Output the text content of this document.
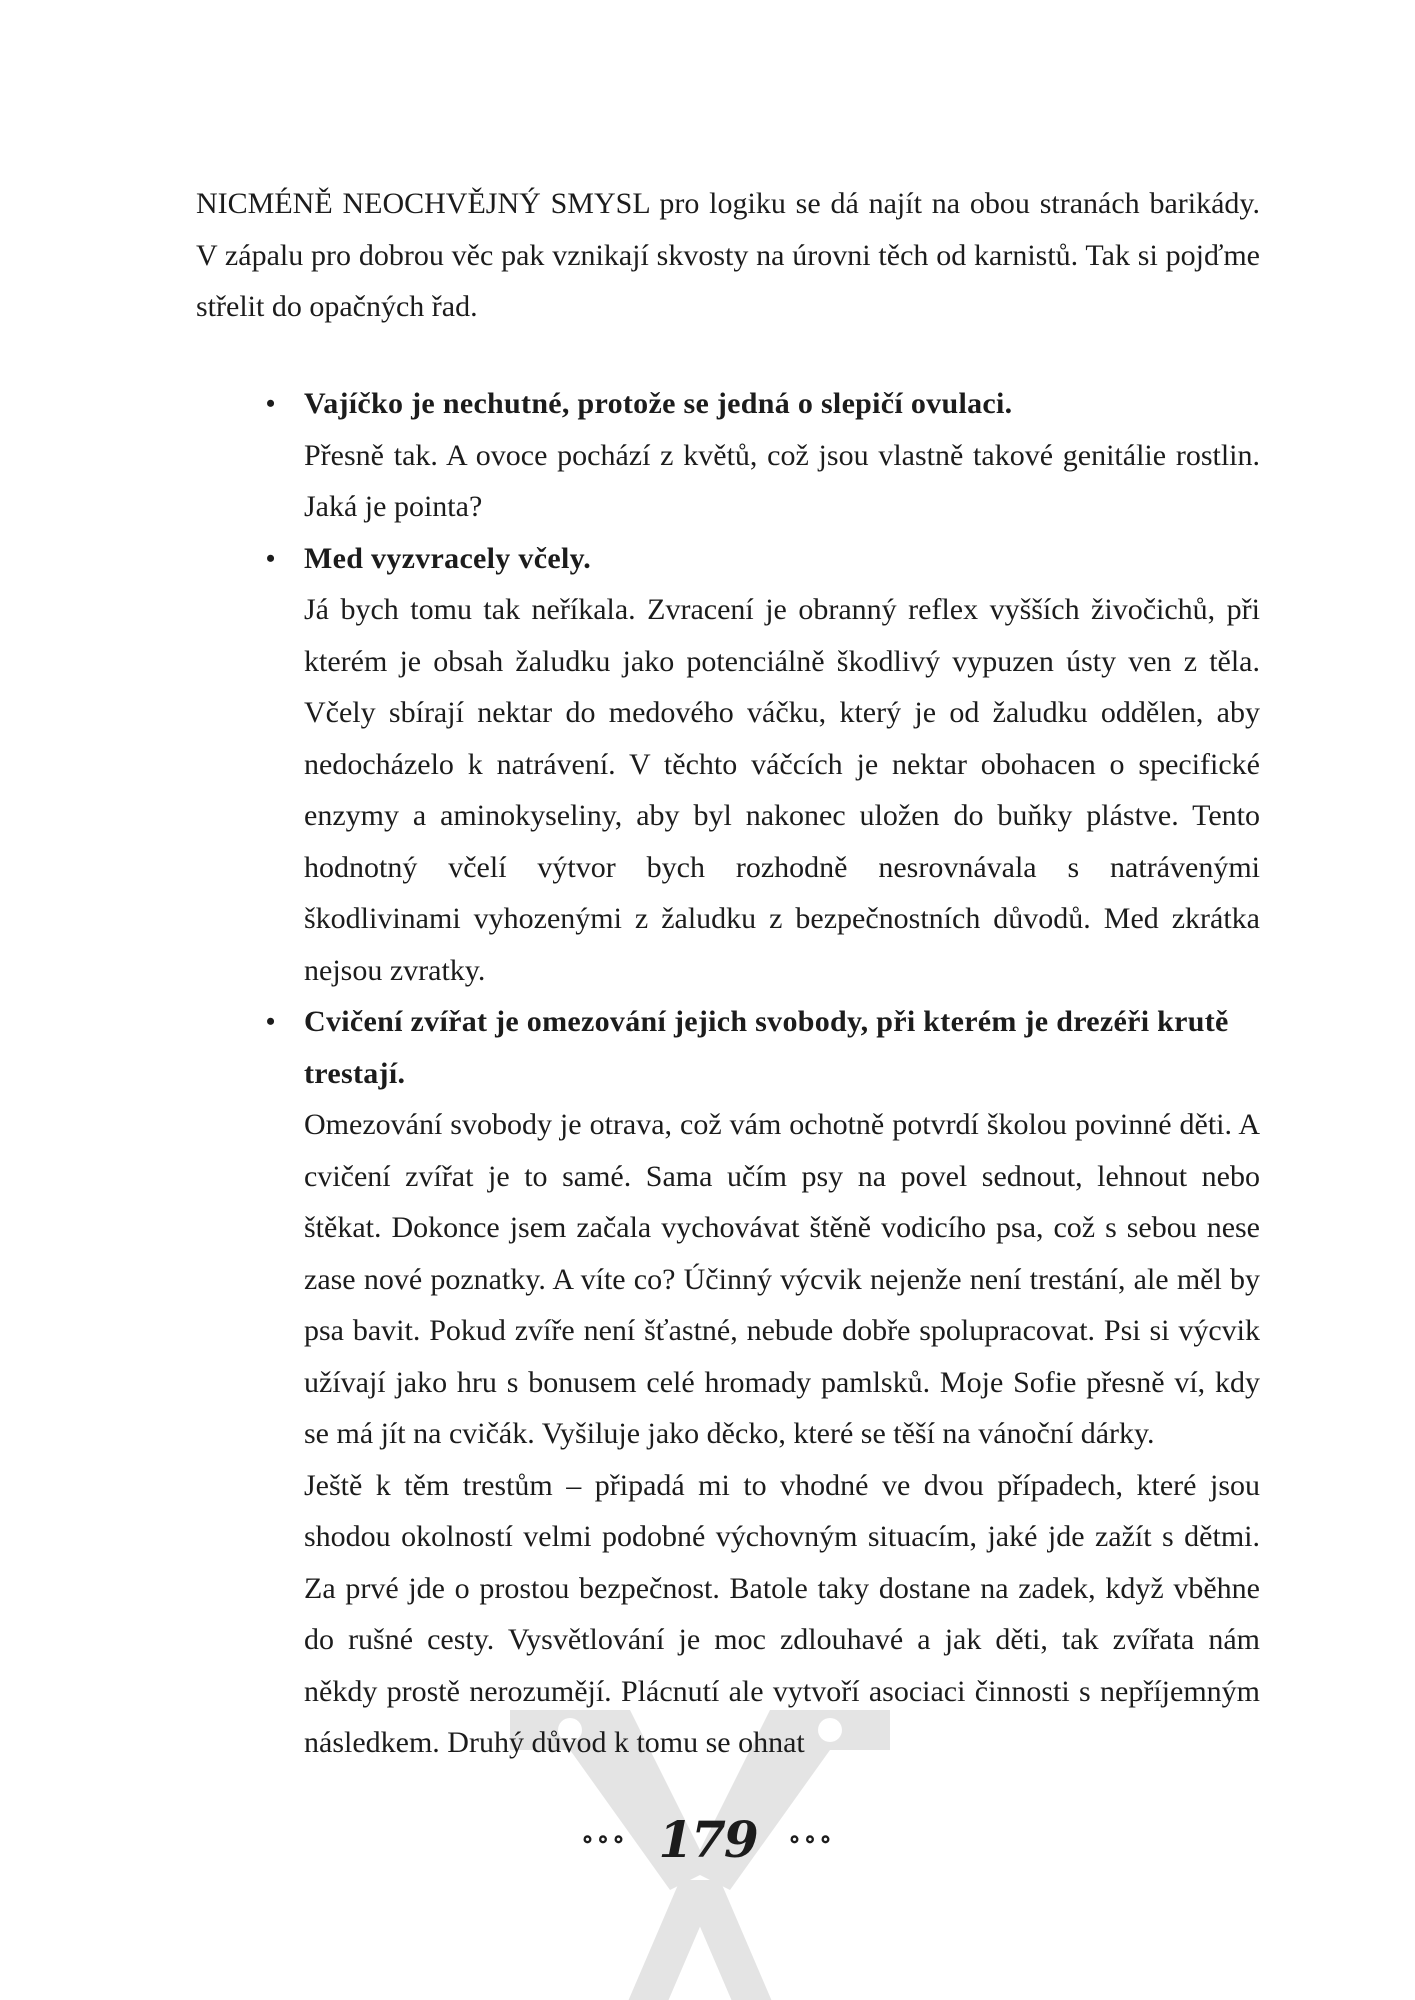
NICMÉNĚ NEOCHVĚJNÝ SMYSL pro logiku se dá najít na obou stranách barikády. V zápalu pro dobrou věc pak vznikají skvosty na úrovni těch od karnistů. Tak si pojďme střelit do opačných řad.

• Vajíčko je nechutné, protože se jedná o slepičí ovulaci.
Přesně tak. A ovoce pochází z květů, což jsou vlastně takové genitálie rostlin. Jaká je pointa?
• Med vyzvracely včely.
Já bych tomu tak neříkala. Zvracení je obranný reflex vyšších živočichů, při kterém je obsah žaludku jako potenciálně škodlivý vypuzen ústy ven z těla. Včely sbírají nektar do medového váčku, který je od žaludku oddělen, aby nedocházelo k natrávení. V těchto váčcích je nektar obohacen o specifické enzymy a aminokyseliny, aby byl nakonec uložen do buňky plástve. Tento hodnotný včelí výtvor bych rozhodně nesrovnávala s natrávenými škodlivinami vyhozenými z žaludku z bezpečnostních důvodů. Med zkrátka nejsou zvratky.
• Cvičení zvířat je omezování jejich svobody, při kterém je drezéři krutě trestají.
Omezování svobody je otrava, což vám ochotně potvrdí školou povinné děti. A cvičení zvířat je to samé. Sama učím psy na povel sednout, lehnout nebo štěkat. Dokonce jsem začala vychovávat štěně vodicího psa, což s sebou nese zase nové poznatky. A víte co? Účinný výcvik nejenže není trestání, ale měl by psa bavit. Pokud zvíře není šťastné, nebude dobře spolupracovat. Psi si výcvik užívají jako hru s bonusem celé hromady pamlsků. Moje Sofie přesně ví, kdy se má jít na cvičák. Vyšiluje jako děcko, které se těší na vánoční dárky.
Ještě k těm trestům – připadá mi to vhodné ve dvou případech, které jsou shodou okolností velmi podobné výchovným situacím, jaké jde zažít s dětmi. Za prvé jde o prostou bezpečnost. Batole taky dostane na zadek, když vběhne do rušné cesty. Vysvětlování je moc zdlouhavé a jak děti, tak zvířata nám někdy prostě nerozumějí. Plácnutí ale vytvoří asociaci činnosti s nepříjemným následkem. Druhý důvod k tomu se ohnat
∘∘∘ 179 ∘∘∘
